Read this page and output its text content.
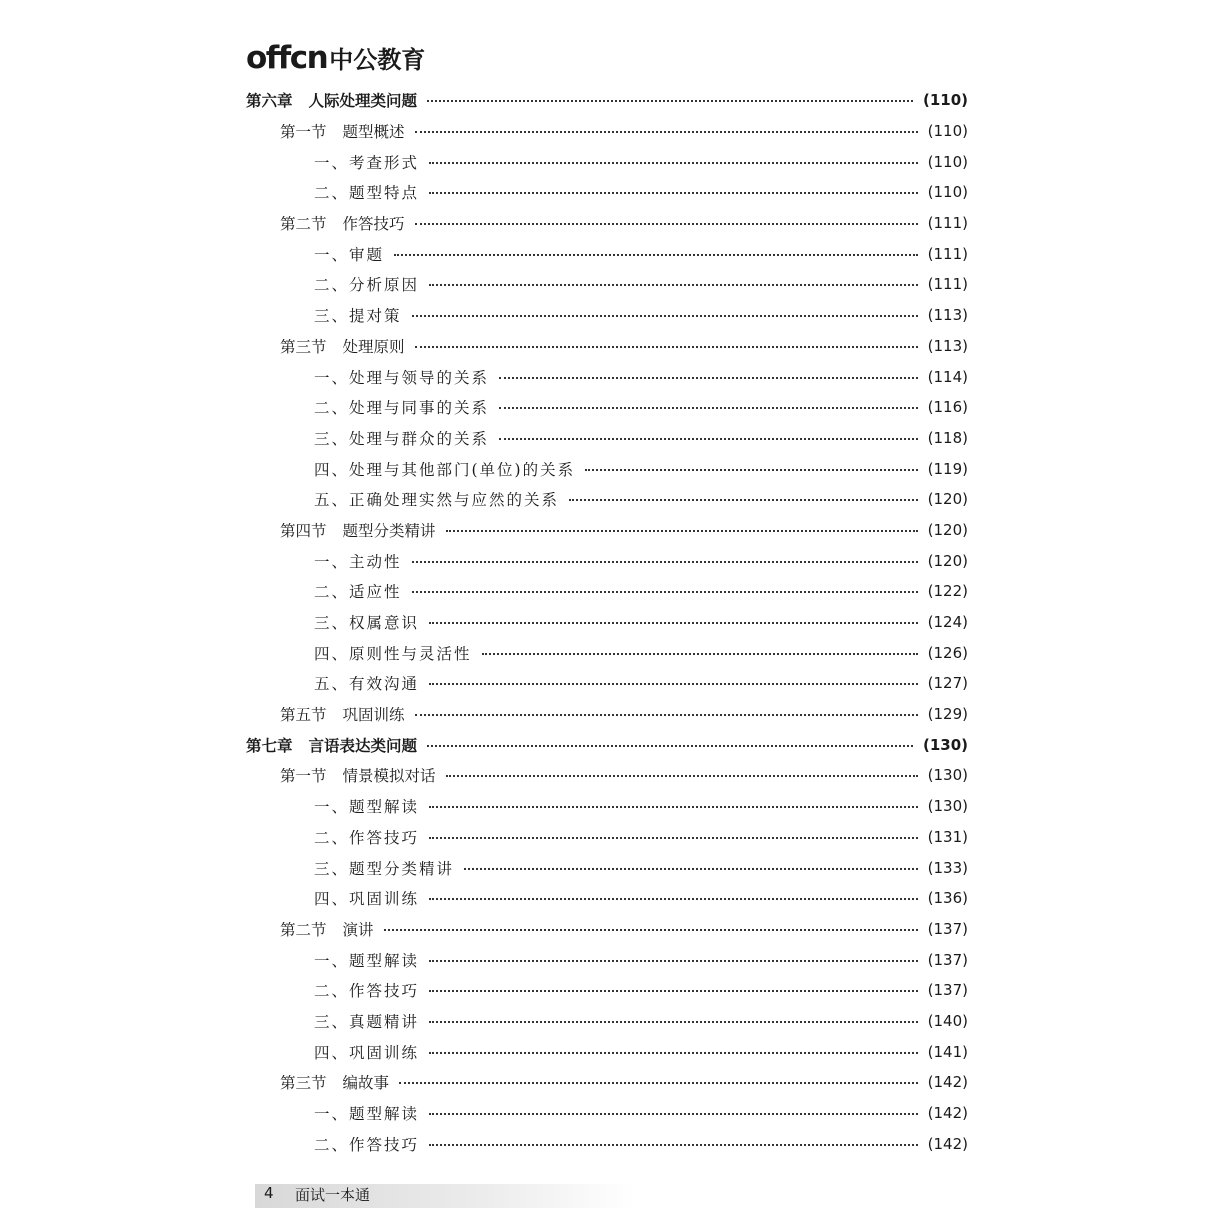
offcn 中公教育
第六章 人际处理类问题	(110)
第一节 题型概述	(110)
一、考查形式	(110)
二、题型特点	(110)
第二节 作答技巧	(111)
一、审题	(111)
二、分析原因	(111)
三、提对策	(113)
第三节 处理原则	(113)
一、处理与领导的关系	(114)
二、处理与同事的关系	(116)
三、处理与群众的关系	(118)
四、处理与其他部门(单位)的关系	(119)
五、正确处理实然与应然的关系	(120)
第四节 题型分类精讲	(120)
一、主动性	(120)
二、适应性	(122)
三、权属意识	(124)
四、原则性与灵活性	(126)
五、有效沟通	(127)
第五节 巩固训练	(129)
第七章 言语表达类问题	(130)
第一节 情景模拟对话	(130)
一、题型解读	(130)
二、作答技巧	(131)
三、题型分类精讲	(133)
四、巩固训练	(136)
第二节 演讲	(137)
一、题型解读	(137)
二、作答技巧	(137)
三、真题精讲	(140)
四、巩固训练	(141)
第三节 编故事	(142)
一、题型解读	(142)
二、作答技巧	(142)
4 面试一本通
